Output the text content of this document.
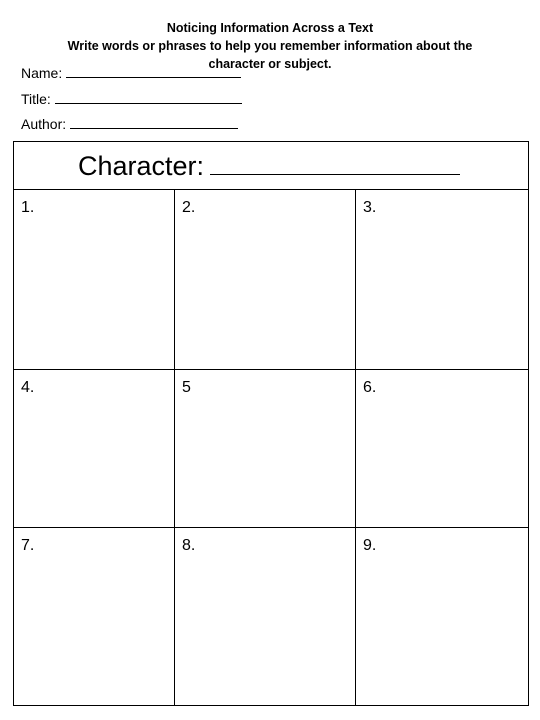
Noticing Information Across a Text
Write words or phrases to help you remember information about the
character or subject.
Name:
Title:
Author:
Character:
1.	2.	3.
4.	5	6.
7.	8.	9.
